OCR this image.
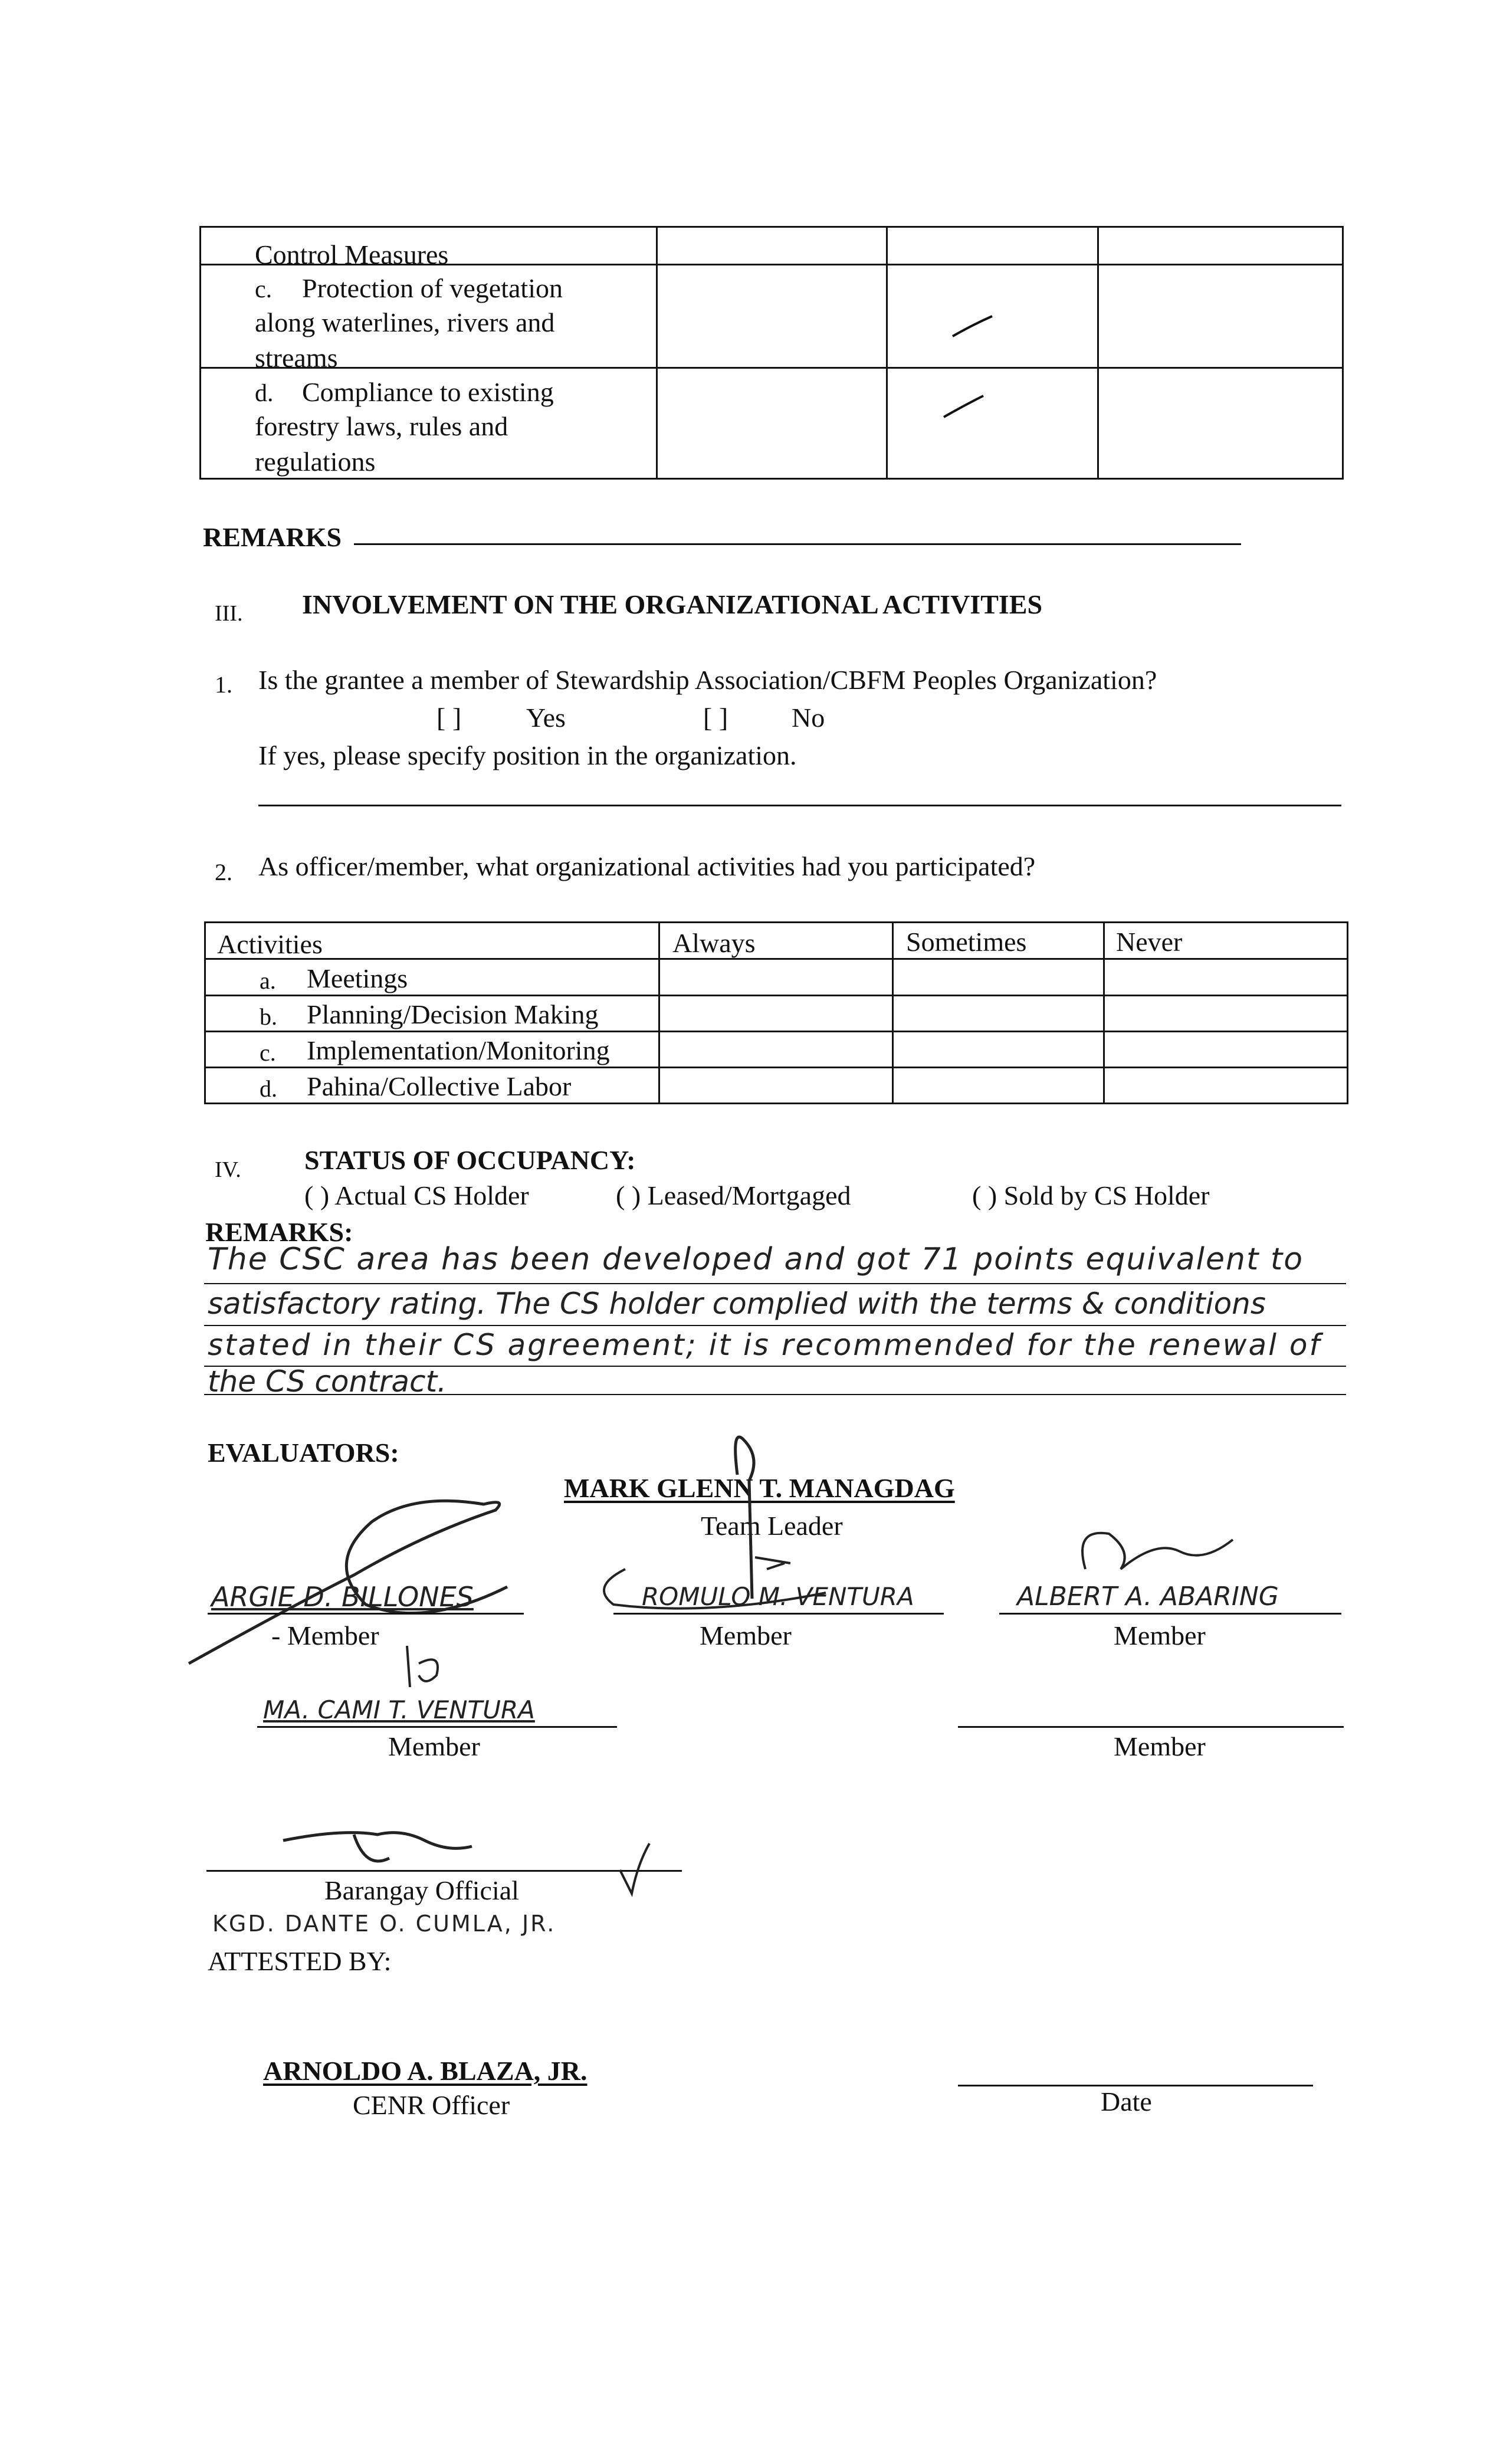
Control Measures
c. Protection of vegetation
along waterlines, rivers and
streams
d. Compliance to existing
forestry laws, rules and
regulations
REMARKS
III. INVOLVEMENT ON THE ORGANIZATIONAL ACTIVITIES
1. Is the grantee a member of Stewardship Association/CBFM Peoples Organization?
[ ] Yes	[ ] No
If yes, please specify position in the organization.
2. As officer/member, what organizational activities had you participated?
Activities	Always	Sometimes	Never
a. Meetings
b. Planning/Decision Making
c. Implementation/Monitoring
d. Pahina/Collective Labor
IV. STATUS OF OCCUPANCY:
( ) Actual CS Holder	( ) Leased/Mortgaged	( ) Sold by CS Holder
REMARKS:
The CSC area has been developed and got 71 points equivalent to
satisfactory rating. The CS holder complied with the terms & conditions
stated in their CS agreement; it is recommended for the renewal of
the CS contract.
EVALUATORS:
MARK GLENN T. MANAGDAG
Team Leader
ARGIE D. BILLONES
- Member
ROMULO M. VENTURA
Member
ALBERT A. ABARING
Member
MA. CAMI T. VENTURA
Member	Member
Barangay Official
KGD. DANTE O. CUMLA, JR.
ATTESTED BY:
ARNOLDO A. BLAZA, JR.
CENR Officer	Date
